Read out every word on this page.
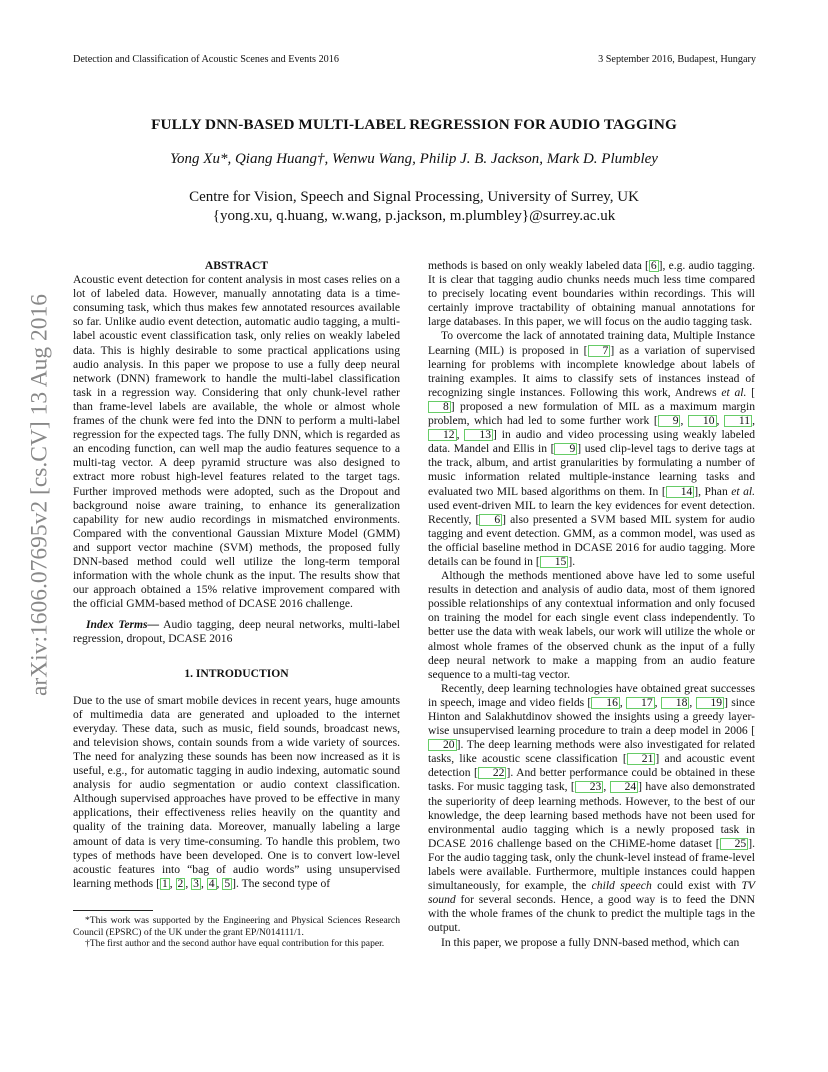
Detection and Classification of Acoustic Scenes and Events 2016	3 September 2016, Budapest, Hungary
FULLY DNN-BASED MULTI-LABEL REGRESSION FOR AUDIO TAGGING
Yong Xu*, Qiang Huang†, Wenwu Wang, Philip J. B. Jackson, Mark D. Plumbley
Centre for Vision, Speech and Signal Processing, University of Surrey, UK
{yong.xu, q.huang, w.wang, p.jackson, m.plumbley}@surrey.ac.uk
arXiv:1606.07695v2 [cs.CV] 13 Aug 2016
ABSTRACT

Acoustic event detection for content analysis in most cases relies on a lot of labeled data. However, manually annotating data is a time-consuming task, which thus makes few annotated resources available so far. Unlike audio event detection, automatic audio tagging, a multi-label acoustic event classification task, only relies on weakly labeled data. This is highly desirable to some practical applications using audio analysis. In this paper we propose to use a fully deep neural network (DNN) framework to handle the multi-label classification task in a regression way. Considering that only chunk-level rather than frame-level labels are available, the whole or almost whole frames of the chunk were fed into the DNN to perform a multi-label regression for the expected tags. The fully DNN, which is regarded as an encoding function, can well map the audio features sequence to a multi-tag vector. A deep pyramid structure was also designed to extract more robust high-level features related to the target tags. Further improved methods were adopted, such as the Dropout and background noise aware training, to enhance its generalization capability for new audio recordings in mismatched environments. Compared with the conventional Gaussian Mixture Model (GMM) and support vector machine (SVM) methods, the proposed fully DNN-based method could well utilize the long-term temporal information with the whole chunk as the input. The results show that our approach obtained a 15% relative improvement compared with the official GMM-based method of DCASE 2016 challenge.

Index Terms— Audio tagging, deep neural networks, multi-label regression, dropout, DCASE 2016

1. INTRODUCTION

Due to the use of smart mobile devices in recent years, huge amounts of multimedia data are generated and uploaded to the internet everyday. These data, such as music, field sounds, broadcast news, and television shows, contain sounds from a wide variety of sources. The need for analyzing these sounds has been now increased as it is useful, e.g., for automatic tagging in audio indexing, automatic sound analysis for audio segmentation or audio context classification. Although supervised approaches have proved to be effective in many applications, their effectiveness relies heavily on the quantity and quality of the training data. Moreover, manually labeling a large amount of data is very time-consuming. To handle this problem, two types of methods have been developed. One is to convert low-level acoustic features into “bag of audio words” using unsupervised learning methods [ 1 , 2 , 3 , 4 , 5 ]. The second type of

*This work was supported by the Engineering and Physical Sciences Research Council (EPSRC) of the UK under the grant EP/N014111/1.
†The first author and the second author have equal contribution for this paper.

methods is based on only weakly labeled data [ 6 ], e.g. audio tagging. It is clear that tagging audio chunks needs much less time compared to precisely locating event boundaries within recordings. This will certainly improve tractability of obtaining manual annotations for large databases. In this paper, we will focus on the audio tagging task.

To overcome the lack of annotated training data, Multiple Instance Learning (MIL) is proposed in [ 7 ] as a variation of supervised learning for problems with incomplete knowledge about labels of training examples. It aims to classify sets of instances instead of recognizing single instances. Following this work, Andrews et al. [8 ] proposed a new formulation of MIL as a maximum margin problem, which had led to some further work [ 9 , 10 , 11 , 12 , 13 ] in audio and video processing using weakly labeled data. Mandel and Ellis in [ 9 ] used clip-level tags to derive tags at the track, album, and artist granularities by formulating a number of music information related multiple-instance learning tasks and evaluated two MIL based algorithms on them. In [ 14 ], Phan et al. used event-driven MIL to learn the key evidences for event detection. Recently, [ 6 ] also presented a SVM based MIL system for audio tagging and event detection. GMM, as a common model, was used as the official baseline method in DCASE 2016 for audio tagging. More details can be found in [ 15 ].

Although the methods mentioned above have led to some useful results in detection and analysis of audio data, most of them ignored possible relationships of any contextual information and only focused on training the model for each single event class independently. To better use the data with weak labels, our work will utilize the whole or almost whole frames of the observed chunk as the input of a fully deep neural network to make a mapping from an audio feature sequence to a multi-tag vector.

Recently, deep learning technologies have obtained great successes in speech, image and video fields [ 16 , 17 , 18 , 19 ] since Hinton and Salakhutdinov showed the insights using a greedy layer-wise unsupervised learning procedure to train a deep model in 2006 [20 ]. The deep learning methods were also investigated for related tasks, like acoustic scene classification [ 21 ] and acoustic event detection [ 22 ]. And better performance could be obtained in these tasks. For music tagging task, [ 23 , 24 ] have also demonstrated the superiority of deep learning methods. However, to the best of our knowledge, the deep learning based methods have not been used for environmental audio tagging which is a newly proposed task in DCASE 2016 challenge based on the CHiME-home dataset [ 25 ]. For the audio tagging task, only the chunk-level instead of frame-level labels were available. Furthermore, multiple instances could happen simultaneously, for example, the child speech could exist with TV sound for several seconds. Hence, a good way is to feed the DNN with the whole frames of the chunk to predict the multiple tags in the output.

In this paper, we propose a fully DNN-based method, which can
